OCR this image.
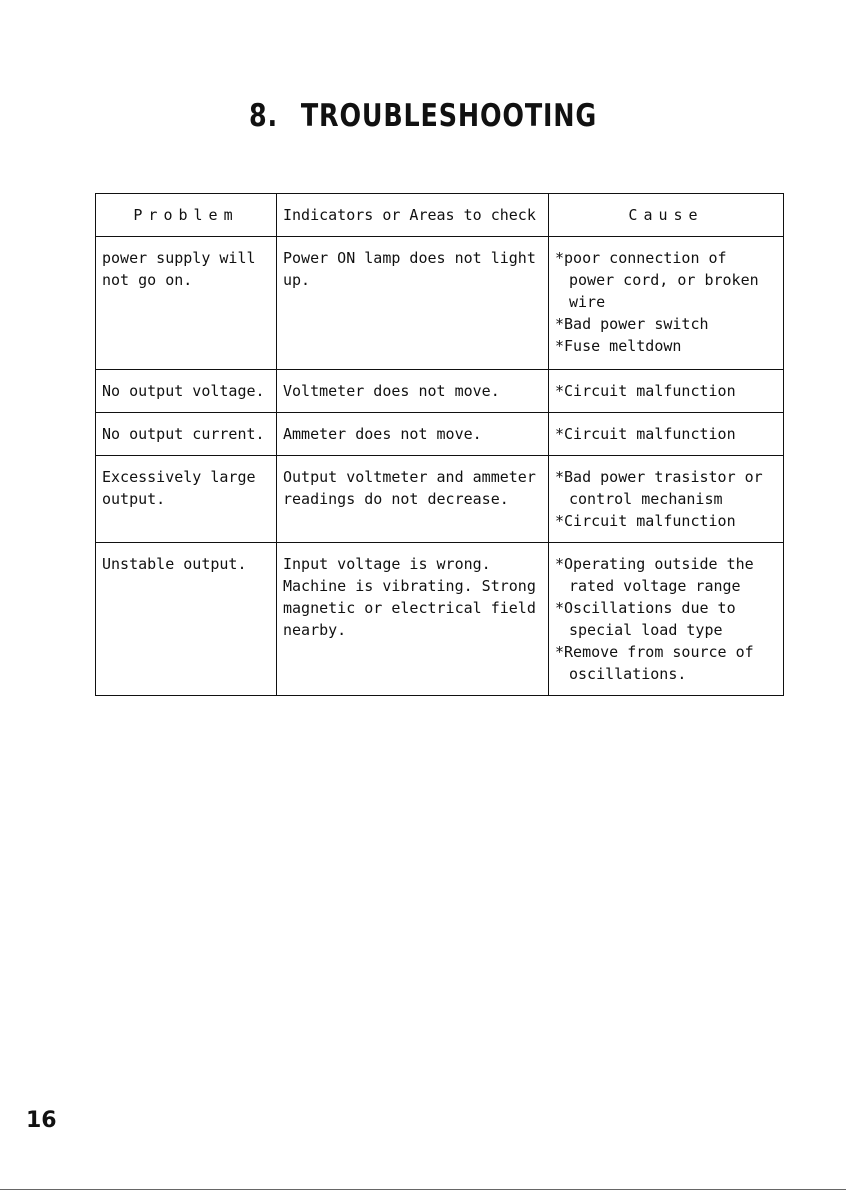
8. TROUBLESHOOTING
Problem	Indicators or Areas to check	Cause
power supply will not go on.	Power ON lamp does not light up.	*poor connection of power cord, or broken wire
*Bad power switch
*Fuse meltdown

No output voltage.	Voltmeter does not move.	*Circuit malfunction

No output current.	Ammeter does not move.	*Circuit malfunction

Excessively large output.	Output voltmeter and ammeter readings do not decrease.	*Bad power trasistor or control mechanism
*Circuit malfunction

Unstable output.	Input voltage is wrong. Machine is vibrating. Strong magnetic or electrical field nearby.	*Operating outside the rated voltage range
*Oscillations due to special load type
*Remove from source of oscillations.
16
